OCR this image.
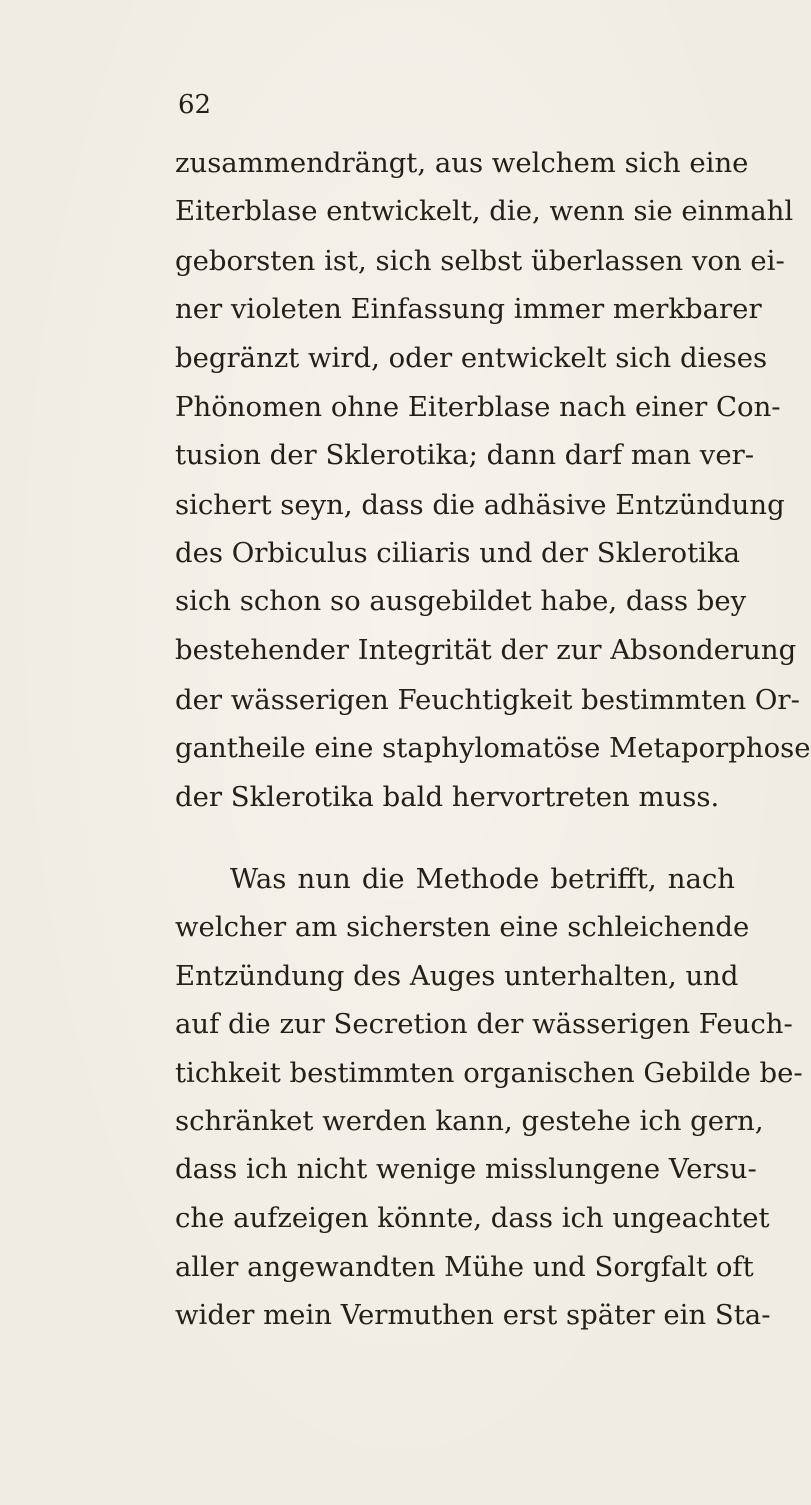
62
zusammendrängt, aus welchem sich eine
Eiterblase entwickelt, die, wenn sie einmahl
geborsten ist, sich selbst überlassen von ei-
ner violeten Einfassung immer merkbarer
begränzt wird, oder entwickelt sich dieses
Phönomen ohne Eiterblase nach einer Con-
tusion der Sklerotika; dann darf man ver-
sichert seyn, dass die adhäsive Entzündung
des Orbiculus ciliaris und der Sklerotika
sich schon so ausgebildet habe, dass bey
bestehender Integrität der zur Absonderung
der wässerigen Feuchtigkeit bestimmten Or-
gantheile eine staphylomatöse Metaporphose
der Sklerotika bald hervortreten muss.
Was nun die Methode betrifft, nach
welcher am sichersten eine schleichende
Entzündung des Auges unterhalten, und
auf die zur Secretion der wässerigen Feuch-
tichkeit bestimmten organischen Gebilde be-
schränket werden kann, gestehe ich gern,
dass ich nicht wenige misslungene Versu-
che aufzeigen könnte, dass ich ungeachtet
aller angewandten Mühe und Sorgfalt oft
wider mein Vermuthen erst später ein Sta-
